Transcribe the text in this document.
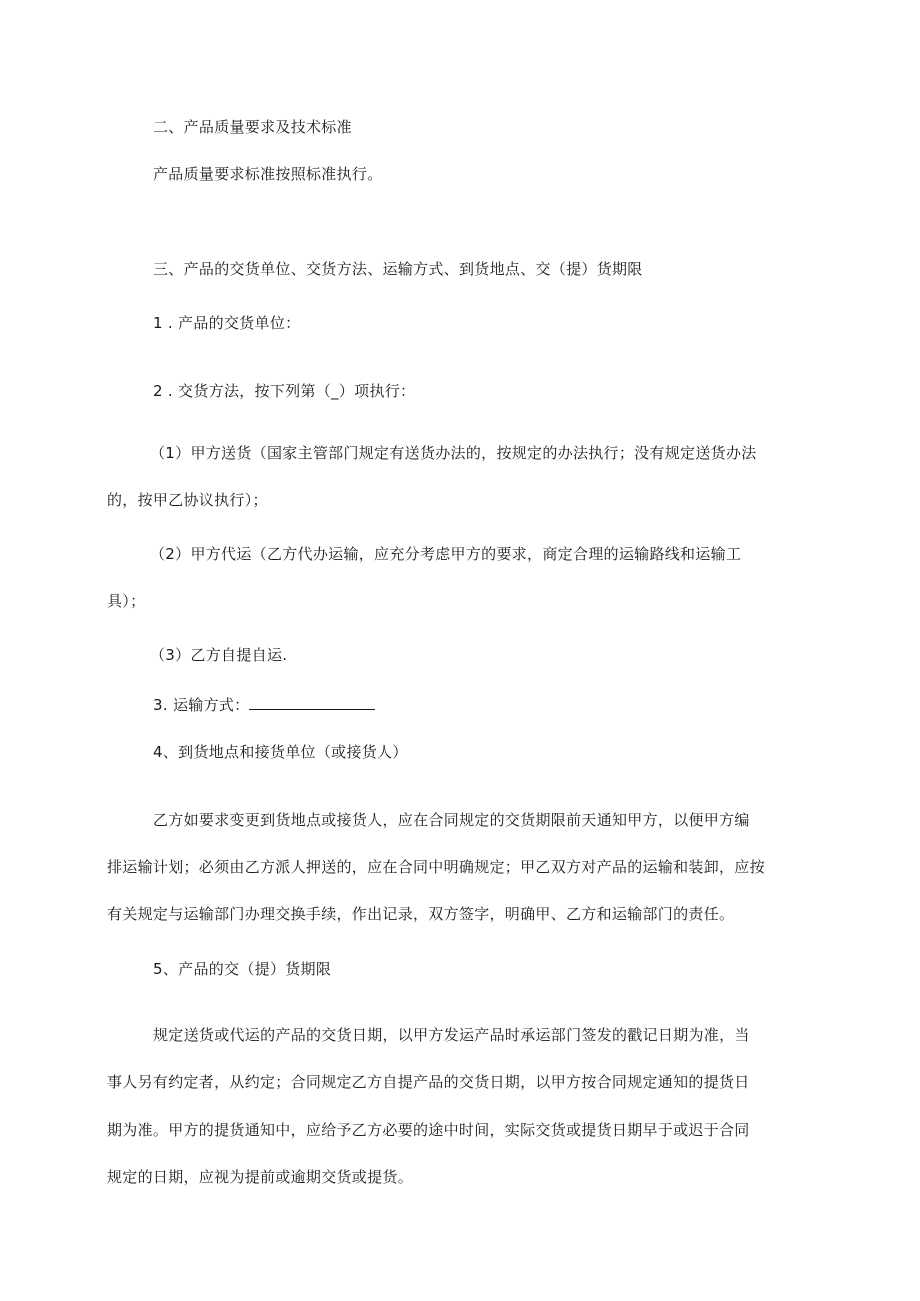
二、产品质量要求及技术标准
产品质量要求标准按照标准执行。
三、产品的交货单位、交货方法、运输方式、到货地点、交（提）货期限
1 . 产品的交货单位：
2 . 交货方法，按下列第（_）项执行：
（1）甲方送货（国家主管部门规定有送货办法的，按规定的办法执行；没有规定送货办法
的，按甲乙协议执行）；
（2）甲方代运（乙方代办运输，应充分考虑甲方的要求，商定合理的运输路线和运输工
具）；
（3）乙方自提自运.
3. 运输方式：
4、到货地点和接货单位（或接货人）
乙方如要求变更到货地点或接货人，应在合同规定的交货期限前天通知甲方，以便甲方编
排运输计划；必须由乙方派人押送的，应在合同中明确规定；甲乙双方对产品的运输和装卸，应按
有关规定与运输部门办理交换手续，作出记录，双方签字，明确甲、乙方和运输部门的责任。
5、产品的交（提）货期限
规定送货或代运的产品的交货日期，以甲方发运产品时承运部门签发的戳记日期为准，当
事人另有约定者，从约定；合同规定乙方自提产品的交货日期，以甲方按合同规定通知的提货日
期为准。甲方的提货通知中，应给予乙方必要的途中时间，实际交货或提货日期早于或迟于合同
规定的日期，应视为提前或逾期交货或提货。
